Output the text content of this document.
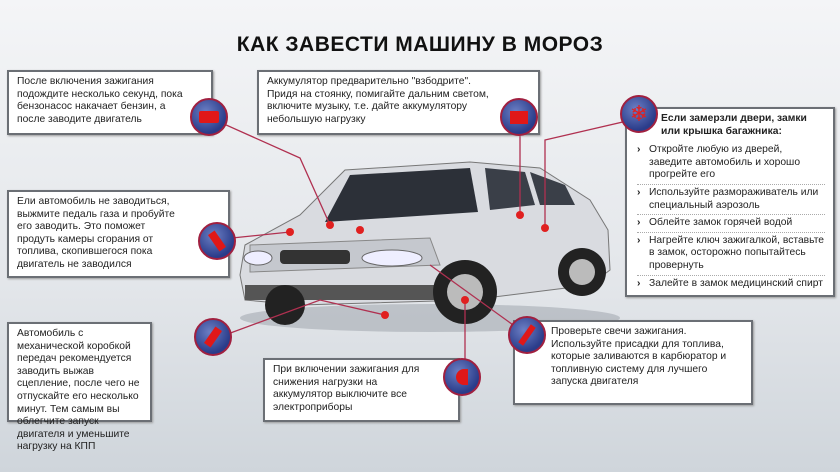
КАК ЗАВЕСТИ МАШИНУ В МОРОЗ
После включения зажигания подождите несколько секунд, пока бензонасос накачает бензин, а после заводите двигатель
Аккумулятор предварительно "взбодрите". Придя на стоянку, помигайте дальним светом, включите музыку, т.е. дайте аккумулятору небольшую нагрузку	Если замерзли двери, замки или крышка багажника:
› Откройте любую из дверей, заведите автомобиль и хорошо прогрейте его
› Используйте размораживатель или специальный аэрозоль
› Облейте замок горячей водой
› Нагрейте ключ зажигалкой, вставьте в замок, осторожно попытайтесь провернуть
› Залейте в замок медицинский спирт
❄
Ели автомобиль не заводиться, выжмите педаль газа и пробуйте его заводить. Это поможет продуть камеры сгорания от топлива, скопившегося пока двигатель не заводился
Автомобиль с механической коробкой передач рекомендуется заводить выжав сцепление, после чего не отпускайте его несколько минут. Тем самым вы облегчите запуск двигателя и уменьшите нагрузку на КПП
При включении зажигания для снижения нагрузки на аккумулятор выключите все электроприборы
Проверьте свечи зажигания. Используйте присадки для топлива, которые заливаются в карбюратор и топливную систему для лучшего запуска двигателя
